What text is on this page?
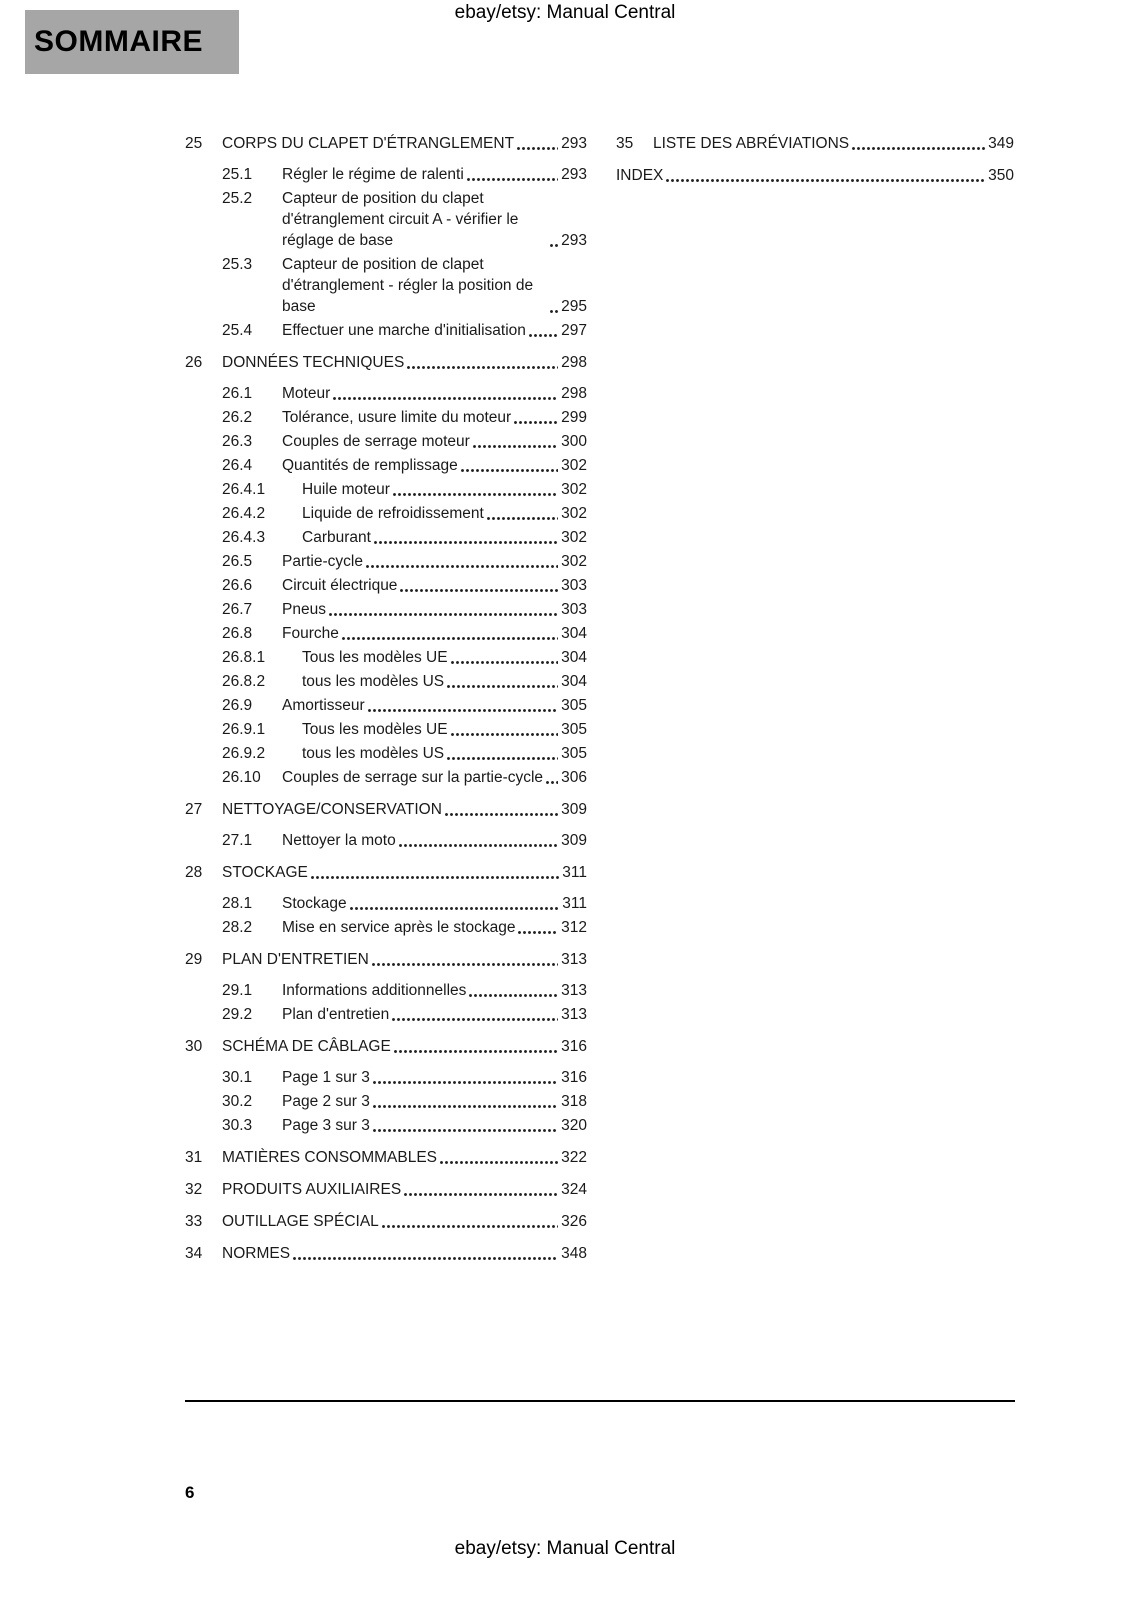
ebay/etsy: Manual Central
SOMMAIRE
25	CORPS DU CLAPET D'ÉTRANGLEMENT	293
25.1	Régler le régime de ralenti	293
25.2	Capteur de position du clapet d'étranglement circuit A - vérifier le réglage de base	293
25.3	Capteur de position de clapet d'étranglement - régler la position de base	295
25.4	Effectuer une marche d'initialisation 297
26	DONNÉES TECHNIQUES	298
26.1	Moteur	298
26.2	Tolérance, usure limite du moteur	299
26.3	Couples de serrage moteur	300
26.4	Quantités de remplissage	302
26.4.1	Huile moteur	302
26.4.2	Liquide de refroidissement	302
26.4.3	Carburant	302
26.5	Partie-cycle	302
26.6	Circuit électrique	303
26.7	Pneus	303
26.8	Fourche	304
26.8.1	Tous les modèles UE	304
26.8.2	tous les modèles US	304
26.9	Amortisseur	305
26.9.1	Tous les modèles UE	305
26.9.2	tous les modèles US	305
26.10	Couples de serrage sur la partie-cycle 306
27	NETTOYAGE/CONSERVATION	309
27.1	Nettoyer la moto	309
28	STOCKAGE	311
28.1	Stockage	311
28.2	Mise en service après le stockage	312
29	PLAN D'ENTRETIEN	313
29.1	Informations additionnelles	313
29.2	Plan d'entretien	313
30	SCHÉMA DE CÂBLAGE	316
30.1	Page 1 sur 3	316
30.2	Page 2 sur 3	318
30.3	Page 3 sur 3	320
31	MATIÈRES CONSOMMABLES	322
32	PRODUITS AUXILIAIRES	324
33	OUTILLAGE SPÉCIAL	326
34	NORMES	348
35	LISTE DES ABRÉVIATIONS	349
INDEX	350
6
ebay/etsy: Manual Central
